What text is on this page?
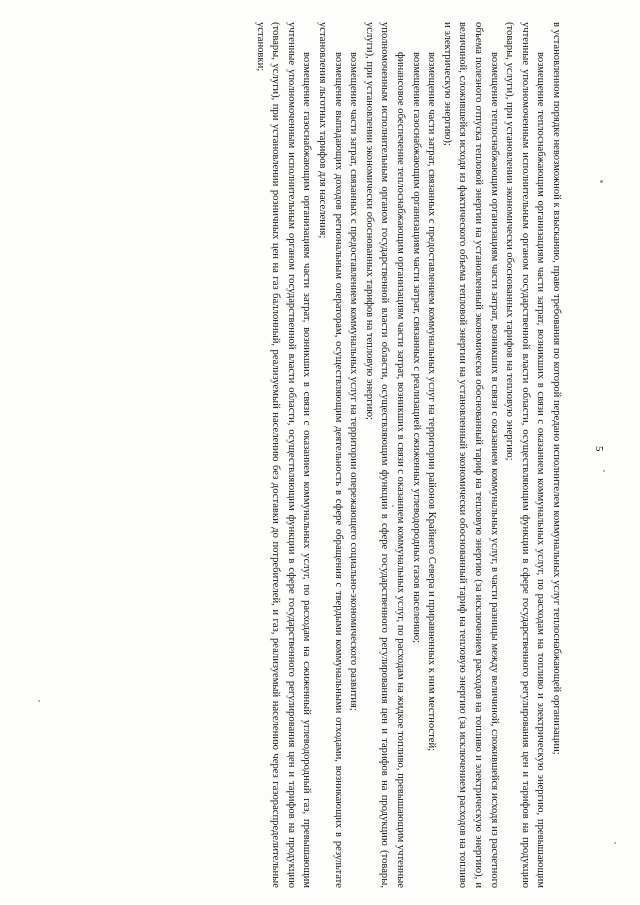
5

в установленном порядке невозможной к взысканию, право требования по которой передано исполнителем коммунальных услуг теплоснабжающей организации;

возмещение теплоснабжающим организациям части затрат, возникших в связи с оказанием коммунальных услуг, по расходам на топливо и электрическую энергию, превышающим учтенные уполномоченным исполнительным органом государственной власти области, осуществляющим функции в сфере государственного регулирования цен и тарифов на продукцию (товары, услуги), при установлении экономически обоснованных тарифов на тепловую энергию;

возмещение теплоснабжающим организациям части затрат, возникших в связи с оказанием коммунальных услуг, в части разницы между величиной, сложившейся исходя из расчетного объема полезного отпуска тепловой энергии на установленный экономически обоснованный тариф на тепловую энергию (за исключением расходов на топливо и электрическую энергию), и величиной, сложившейся исходя из фактического объема тепловой энергии на установленный экономически обоснованный тариф на тепловую энергию (за исключением расходов на топливо и электрическую энергию);

возмещение части затрат, связанных с предоставлением коммунальных услуг на территории районов Крайнего Севера и приравненных к ним местностей;

возмещение газоснабжающим организациям части затрат, связанных с реализацией сжиженных углеводородных газов населению;

финансовое обеспечение теплоснабжающим организациям части затрат, возникших в связи с оказанием коммунальных услуг, по расходам на жидкое топливо, превышающим учтенные уполномоченным исполнительным органом государственной власти области, осуществляющим функции в сфере государственного регулирования цен и тарифов на продукцию (товары, услуги), при установлении экономически обоснованных тарифов на тепловую энергию;

возмещение части затрат, связанных с предоставлением коммунальных услуг на территории опережающего социально-экономического развития;

возмещение выпадающих доходов региональным операторам, осуществляющим деятельность в сфере обращения с твердыми коммунальными отходами, возникающих в результате установления льготных тарифов для населения;

возмещение газоснабжающим организациям части затрат, возникших в связи с оказанием коммунальных услуг, по расходам на сжиженный углеводородный газ, превышающим учтенные уполномоченным исполнительным органом государственной власти области, осуществляющим функции в сфере государственного регулирования цен и тарифов на продукцию (товары, услуги), при установлении розничных цен на газ баллонный, реализуемый населению без доставки до потребителей, и газ, реализуемый населению через газораспределительные установки;
